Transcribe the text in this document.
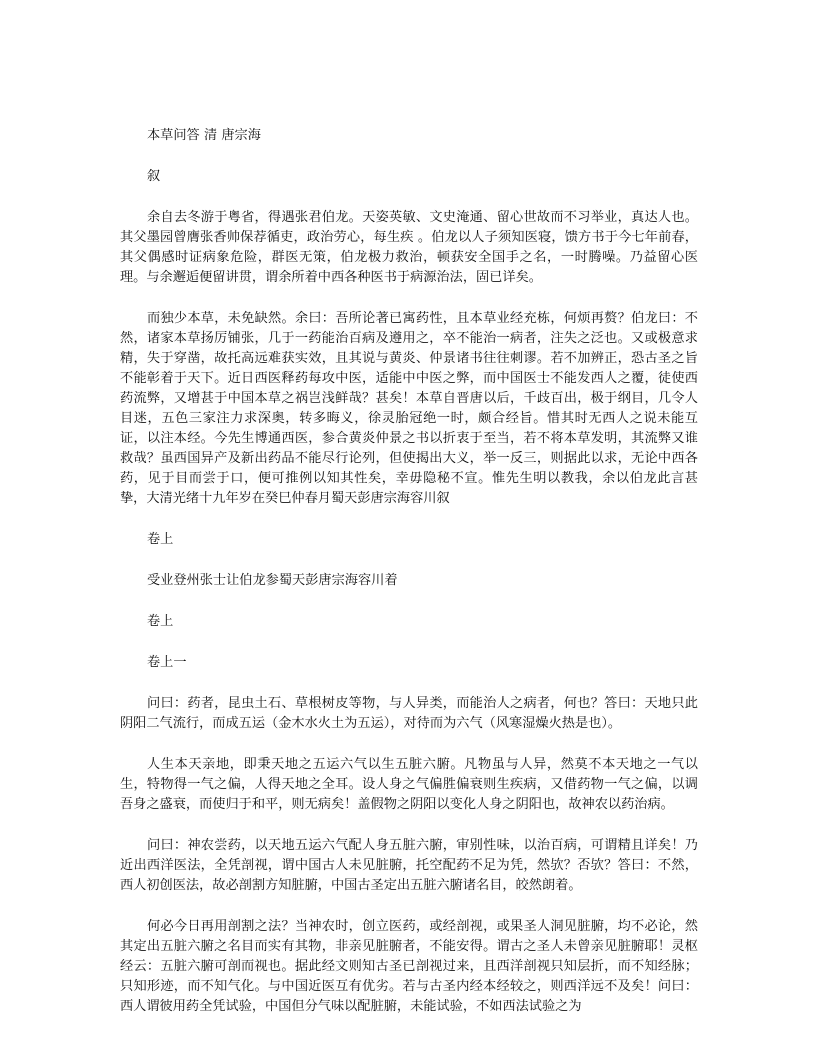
本草问答 清 唐宗海

叙

余自去冬游于粤省，得遇张君伯龙。天姿英敏、文史淹通、留心世故而不习举业，真达人也。其父墨园曾膺张香帅保荐循吏，政治劳心，每生疾 。伯龙以人子须知医寝，馈方书于今七年前春，其父偶感时证病象危险，群医无策，伯龙极力救治，顿获安全国手之名，一时腾噪。乃益留心医理。与余邂逅便留讲贯，谓余所着中西各种医书于病源治法，固已详矣。

而独少本草，未免缺然。余曰：吾所论著已寓药性，且本草业经充栋，何烦再赘？伯龙曰：不然，诸家本草扬厉铺张，几于一药能治百病及遵用之，卒不能治一病者，注失之泛也。又或极意求精，失于穿凿，故托高远难获实效，且其说与黄炎、仲景诸书往往刺谬。若不加辨正，恐古圣之旨不能彰着于天下。近日西医释药每攻中医，适能中中医之弊，而中国医士不能发西人之覆，徒使西药流弊，又增甚于中国本草之祸岂浅鲜哉？甚矣！本草自晋唐以后，千歧百出，极于纲目，几令人目迷，五色三家注力求深奥，转多晦义，徐灵胎冠绝一时，颇合经旨。惜其时无西人之说未能互证，以注本经。今先生博通西医，参合黄炎仲景之书以折衷于至当，若不将本草发明，其流弊又谁救哉？虽西国异产及新出药品不能尽行论列，但使揭出大义，举一反三，则据此以求，无论中西各药，见于目而尝于口，便可推例以知其性矣，幸毋隐秘不宣。惟先生明以教我，余以伯龙此言甚挚，大清光绪十九年岁在癸巳仲春月蜀天彭唐宗海容川叙

卷上

受业登州张士让伯龙参蜀天彭唐宗海容川着

卷上

卷上一

问曰：药者，昆虫土石、草根树皮等物，与人异类，而能治人之病者，何也？答曰：天地只此阴阳二气流行，而成五运（金木水火土为五运），对待而为六气（风寒湿燥火热是也）。

人生本天亲地，即秉天地之五运六气以生五脏六腑。凡物虽与人异，然莫不本天地之一气以生，特物得一气之偏，人得天地之全耳。设人身之气偏胜偏衰则生疾病，又借药物一气之偏，以调吾身之盛衰，而使归于和平，则无病矣！盖假物之阴阳以变化人身之阴阳也，故神农以药治病。

问曰：神农尝药，以天地五运六气配人身五脏六腑，审别性味，以治百病，可谓精且详矣！乃近出西洋医法，全凭剖视，谓中国古人未见脏腑，托空配药不足为凭，然欤？否欤？答曰：不然，西人初创医法，故必剖割方知脏腑，中国古圣定出五脏六腑诸名目，皎然朗着。

何必今日再用剖割之法？当神农时，创立医药，或经剖视，或果圣人洞见脏腑，均不必论，然其定出五脏六腑之名目而实有其物，非亲见脏腑者，不能安得。谓古之圣人未曾亲见脏腑耶！灵枢经云：五脏六腑可剖而视也。据此经文则知古圣已剖视过来，且西洋剖视只知层折，而不知经脉；只知形迹，而不知气化。与中国近医互有优劣。若与古圣内经本经较之，则西洋远不及矣！问曰：西人谓彼用药全凭试验，中国但分气味以配脏腑，未能试验，不如西法试验之为
